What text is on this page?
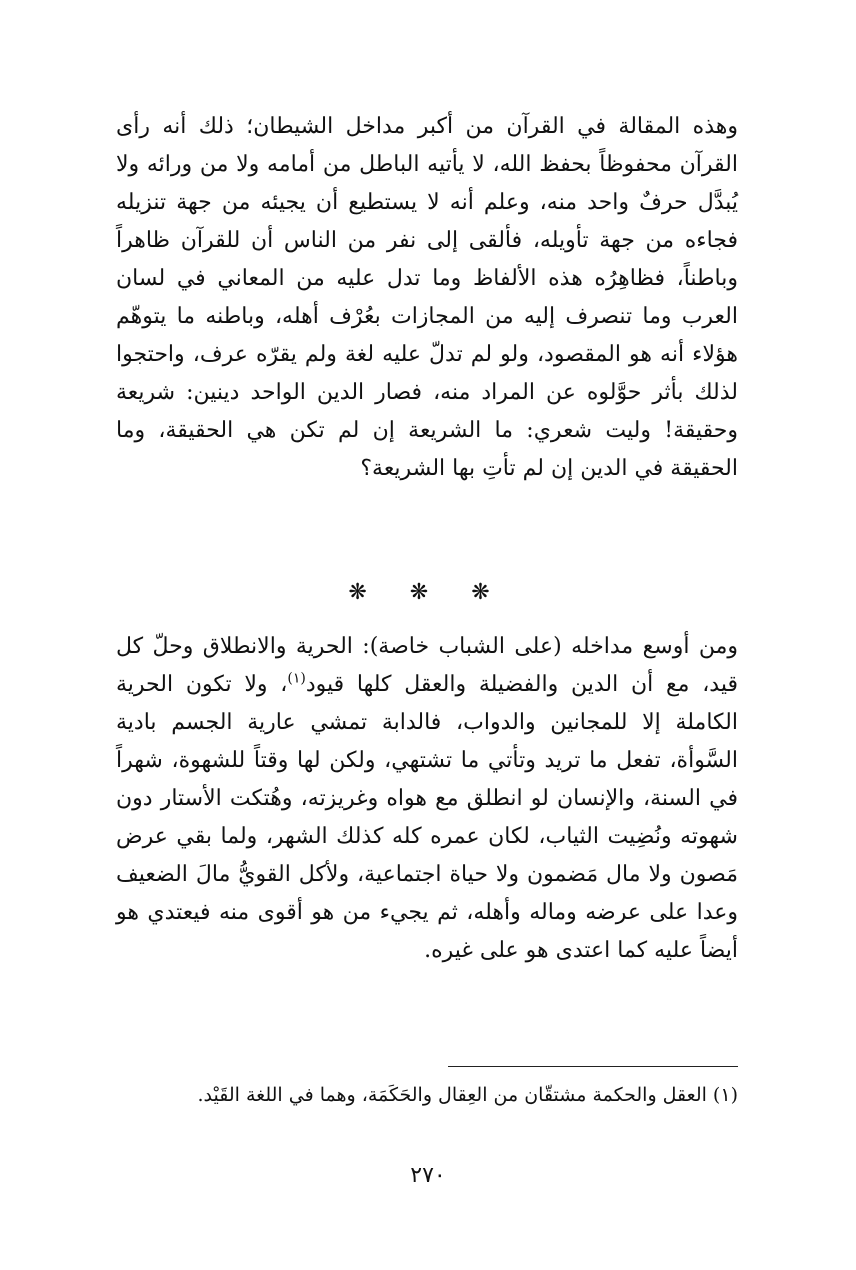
وهذه المقالة في القرآن من أكبر مداخل الشيطان؛ ذلك أنه رأى القرآن محفوظاً بحفظ الله، لا يأتيه الباطل من أمامه ولا من ورائه ولا يُبدَّل حرفٌ واحد منه، وعلم أنه لا يستطيع أن يجيئه من جهة تنزيله فجاءه من جهة تأويله، فألقى إلى نفر من الناس أن للقرآن ظاهراً وباطناً، فظاهِرُه هذه الألفاظ وما تدل عليه من المعاني في لسان العرب وما تنصرف إليه من المجازات بعُرْف أهله، وباطنه ما يتوهّم هؤلاء أنه هو المقصود، ولو لم تدلّ عليه لغة ولم يقرّه عرف، واحتجوا لذلك بأثر حوَّلوه عن المراد منه، فصار الدين الواحد دينين: شريعة وحقيقة! وليت شعري: ما الشريعة إن لم تكن هي الحقيقة، وما الحقيقة في الدين إن لم تأتِ بها الشريعة؟

❋ ❋ ❋

ومن أوسع مداخله (على الشباب خاصة): الحرية والانطلاق وحلّ كل قيد، مع أن الدين والفضيلة والعقل كلها قيود$^{(١)}$، ولا تكون الحرية الكاملة إلا للمجانين والدواب، فالدابة تمشي عارية الجسم بادية السَّوأة، تفعل ما تريد وتأتي ما تشتهي، ولكن لها وقتاً للشهوة، شهراً في السنة، والإنسان لو انطلق مع هواه وغريزته، وهُتكت الأستار دون شهوته ونُضِيت الثياب، لكان عمره كله كذلك الشهر، ولما بقي عرض مَصون ولا مال مَضمون ولا حياة اجتماعية، ولأكل القويُّ مالَ الضعيف وعدا على عرضه وماله وأهله، ثم يجيء من هو أقوى منه فيعتدي هو أيضاً عليه كما اعتدى هو على غيره.

(١) العقل والحكمة مشتقّان من العِقال والحَكَمَة، وهما في اللغة القَيْد.

٢٧٠
